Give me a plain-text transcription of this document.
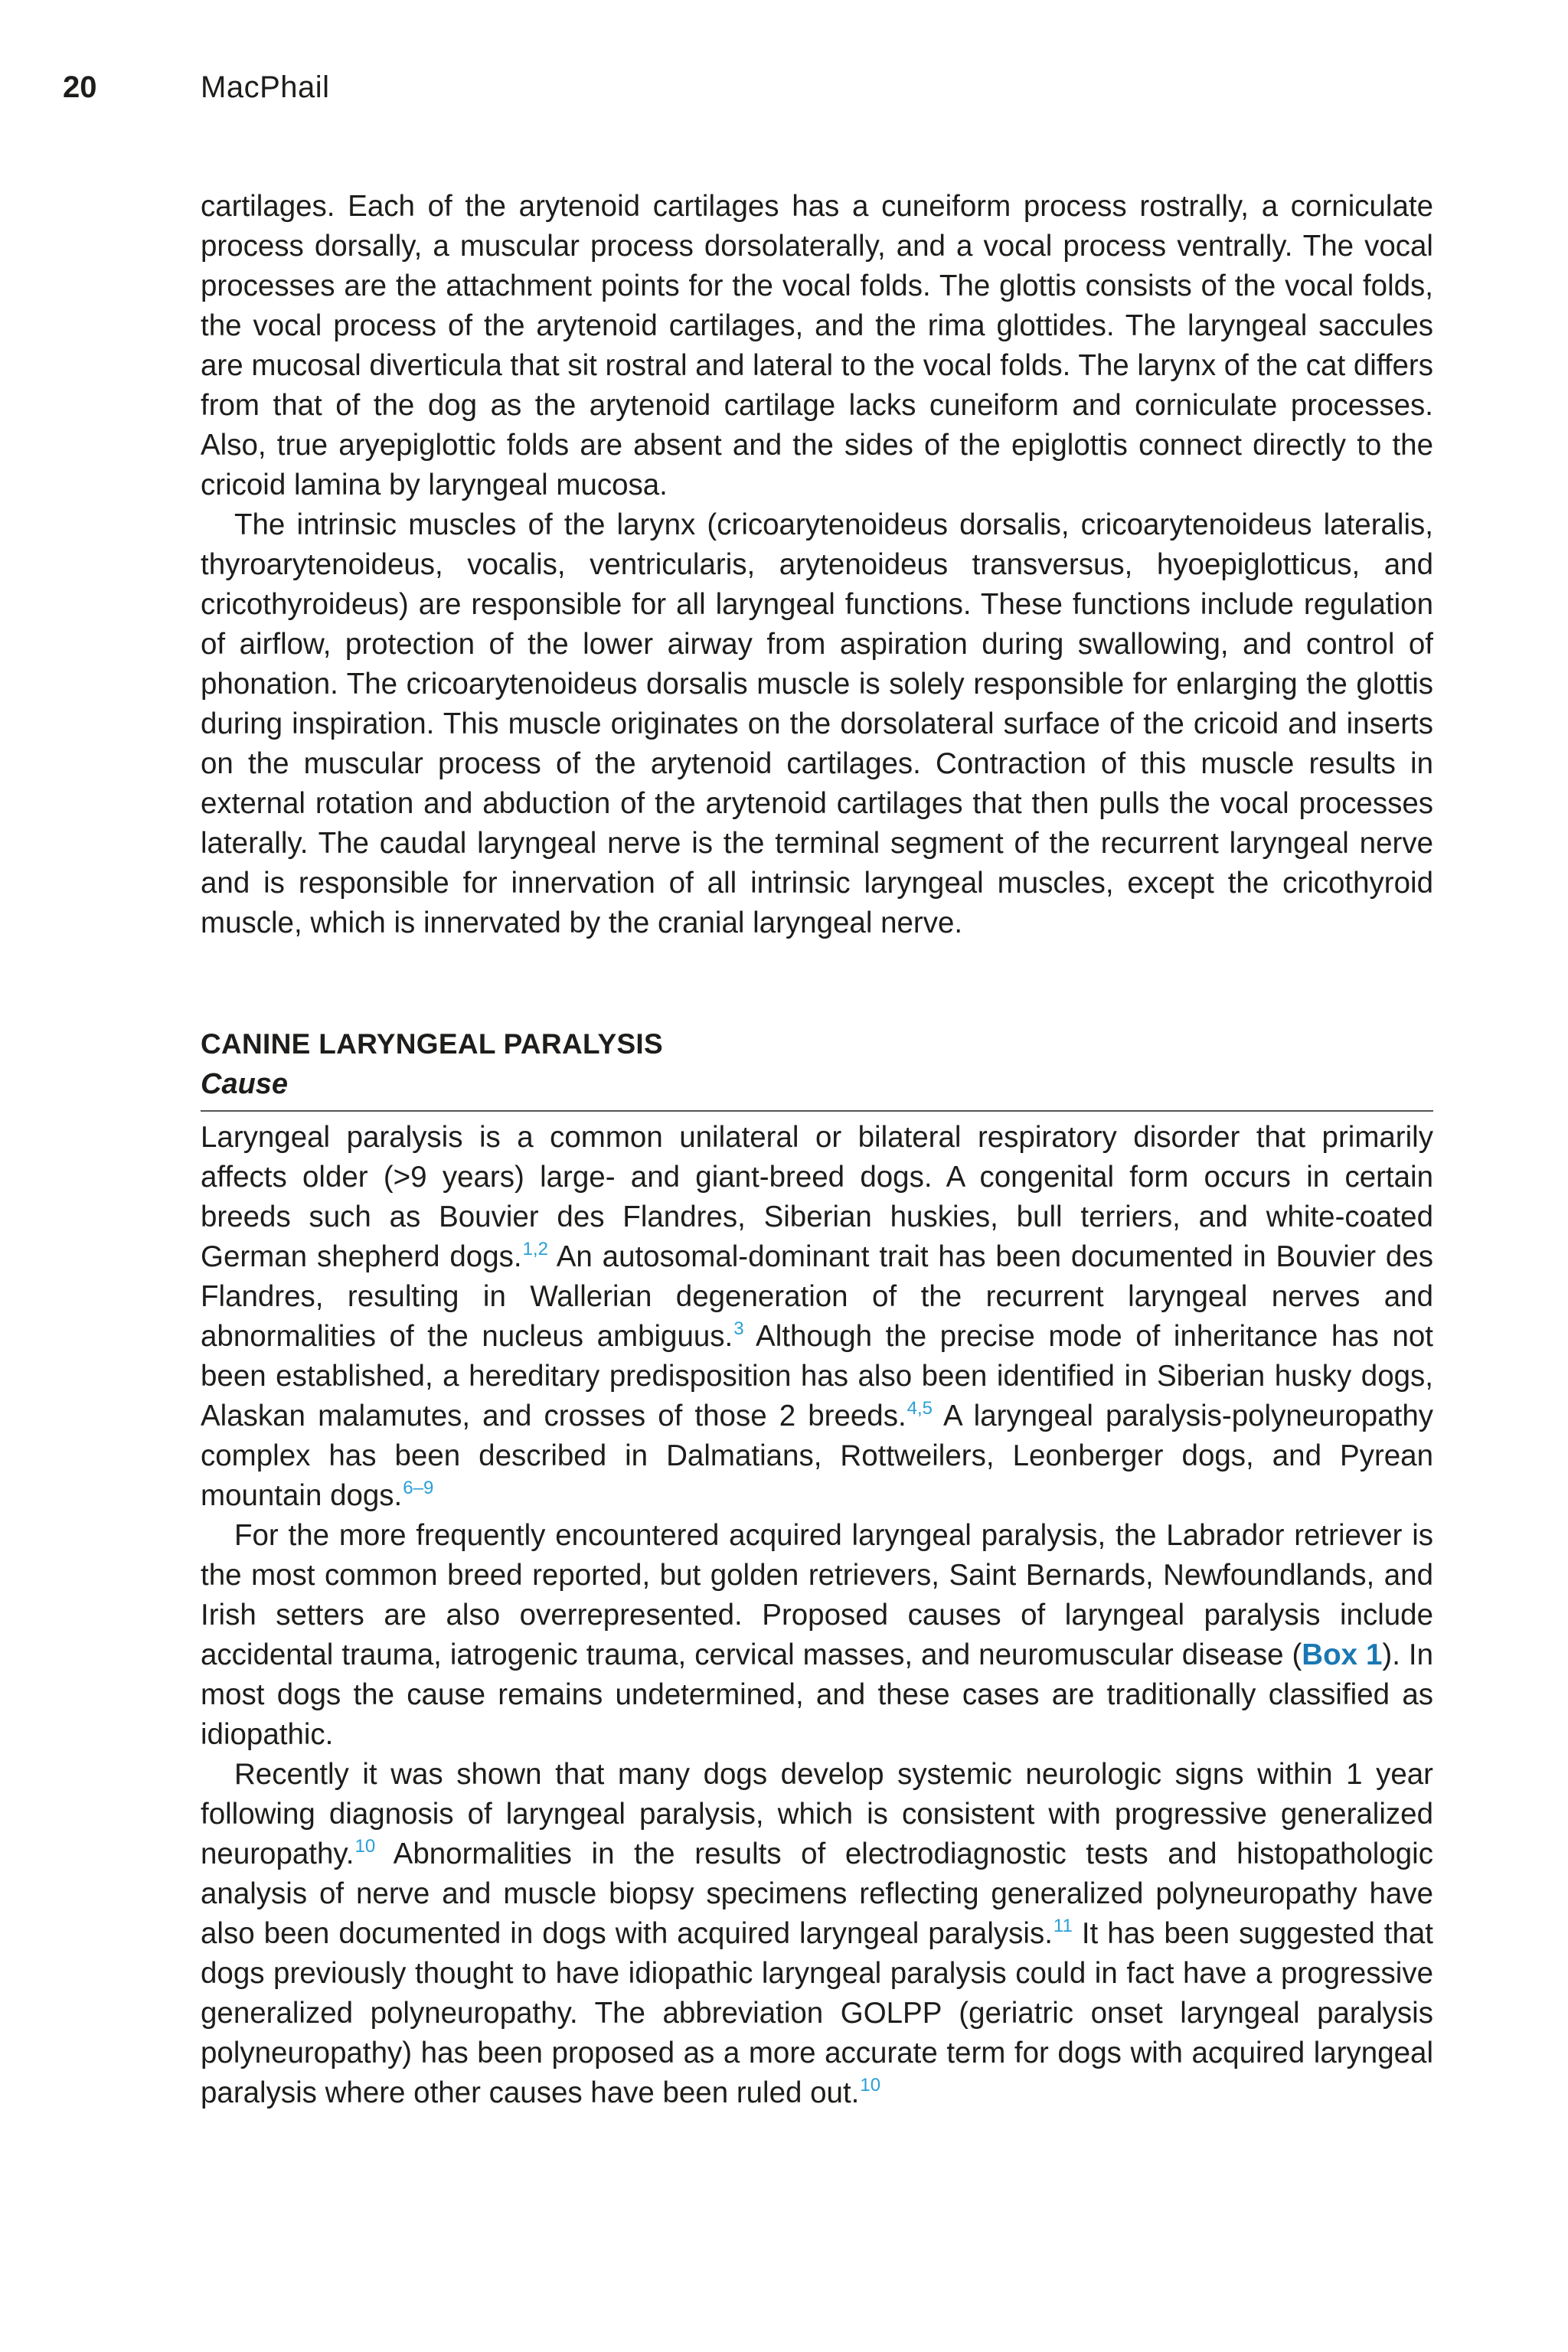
20	MacPhail

cartilages. Each of the arytenoid cartilages has a cuneiform process rostrally, a corniculate process dorsally, a muscular process dorsolaterally, and a vocal process ventrally. The vocal processes are the attachment points for the vocal folds. The glottis consists of the vocal folds, the vocal process of the arytenoid cartilages, and the rima glottides. The laryngeal saccules are mucosal diverticula that sit rostral and lateral to the vocal folds. The larynx of the cat differs from that of the dog as the arytenoid cartilage lacks cuneiform and corniculate processes. Also, true aryepiglottic folds are absent and the sides of the epiglottis connect directly to the cricoid lamina by laryngeal mucosa.

The intrinsic muscles of the larynx (cricoarytenoideus dorsalis, cricoarytenoideus lateralis, thyroarytenoideus, vocalis, ventricularis, arytenoideus transversus, hyoepiglotticus, and cricothyroideus) are responsible for all laryngeal functions. These functions include regulation of airflow, protection of the lower airway from aspiration during swallowing, and control of phonation. The cricoarytenoideus dorsalis muscle is solely responsible for enlarging the glottis during inspiration. This muscle originates on the dorsolateral surface of the cricoid and inserts on the muscular process of the arytenoid cartilages. Contraction of this muscle results in external rotation and abduction of the arytenoid cartilages that then pulls the vocal processes laterally. The caudal laryngeal nerve is the terminal segment of the recurrent laryngeal nerve and is responsible for innervation of all intrinsic laryngeal muscles, except the cricothyroid muscle, which is innervated by the cranial laryngeal nerve.

CANINE LARYNGEAL PARALYSIS
Cause

Laryngeal paralysis is a common unilateral or bilateral respiratory disorder that primarily affects older (>9 years) large- and giant-breed dogs. A congenital form occurs in certain breeds such as Bouvier des Flandres, Siberian huskies, bull terriers, and white-coated German shepherd dogs.$^{1,2}$ An autosomal-dominant trait has been documented in Bouvier des Flandres, resulting in Wallerian degeneration of the recurrent laryngeal nerves and abnormalities of the nucleus ambiguus.$^3$ Although the precise mode of inheritance has not been established, a hereditary predisposition has also been identified in Siberian husky dogs, Alaskan malamutes, and crosses of those 2 breeds.$^{4,5}$ A laryngeal paralysis-polyneuropathy complex has been described in Dalmatians, Rottweilers, Leonberger dogs, and Pyrean mountain dogs.$^{6-9}$

For the more frequently encountered acquired laryngeal paralysis, the Labrador retriever is the most common breed reported, but golden retrievers, Saint Bernards, Newfoundlands, and Irish setters are also overrepresented. Proposed causes of laryngeal paralysis include accidental trauma, iatrogenic trauma, cervical masses, and neuromuscular disease (Box 1). In most dogs the cause remains undetermined, and these cases are traditionally classified as idiopathic.

Recently it was shown that many dogs develop systemic neurologic signs within 1 year following diagnosis of laryngeal paralysis, which is consistent with progressive generalized neuropathy.$^{10}$ Abnormalities in the results of electrodiagnostic tests and histopathologic analysis of nerve and muscle biopsy specimens reflecting generalized polyneuropathy have also been documented in dogs with acquired laryngeal paralysis.$^{11}$ It has been suggested that dogs previously thought to have idiopathic laryngeal paralysis could in fact have a progressive generalized polyneuropathy. The abbreviation GOLPP (geriatric onset laryngeal paralysis polyneuropathy) has been proposed as a more accurate term for dogs with acquired laryngeal paralysis where other causes have been ruled out.$^{10}$
